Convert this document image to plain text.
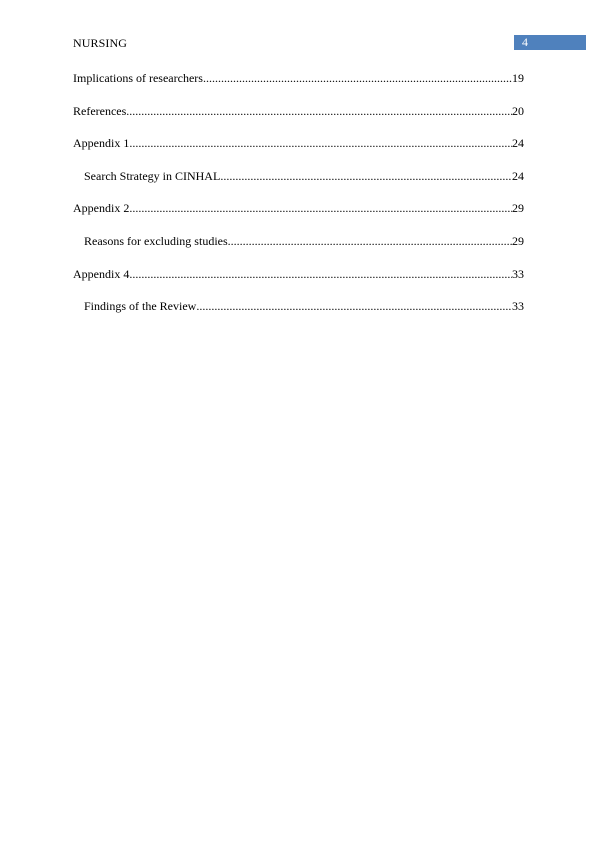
NURSING	4
Implications of researchers .....	19
References .....	20
Appendix 1 .....	24
Search Strategy in CINHAL .....	24
Appendix 2 .....	29
Reasons for excluding studies .....	29
Appendix 4 .....	33
Findings of the Review .....	33
